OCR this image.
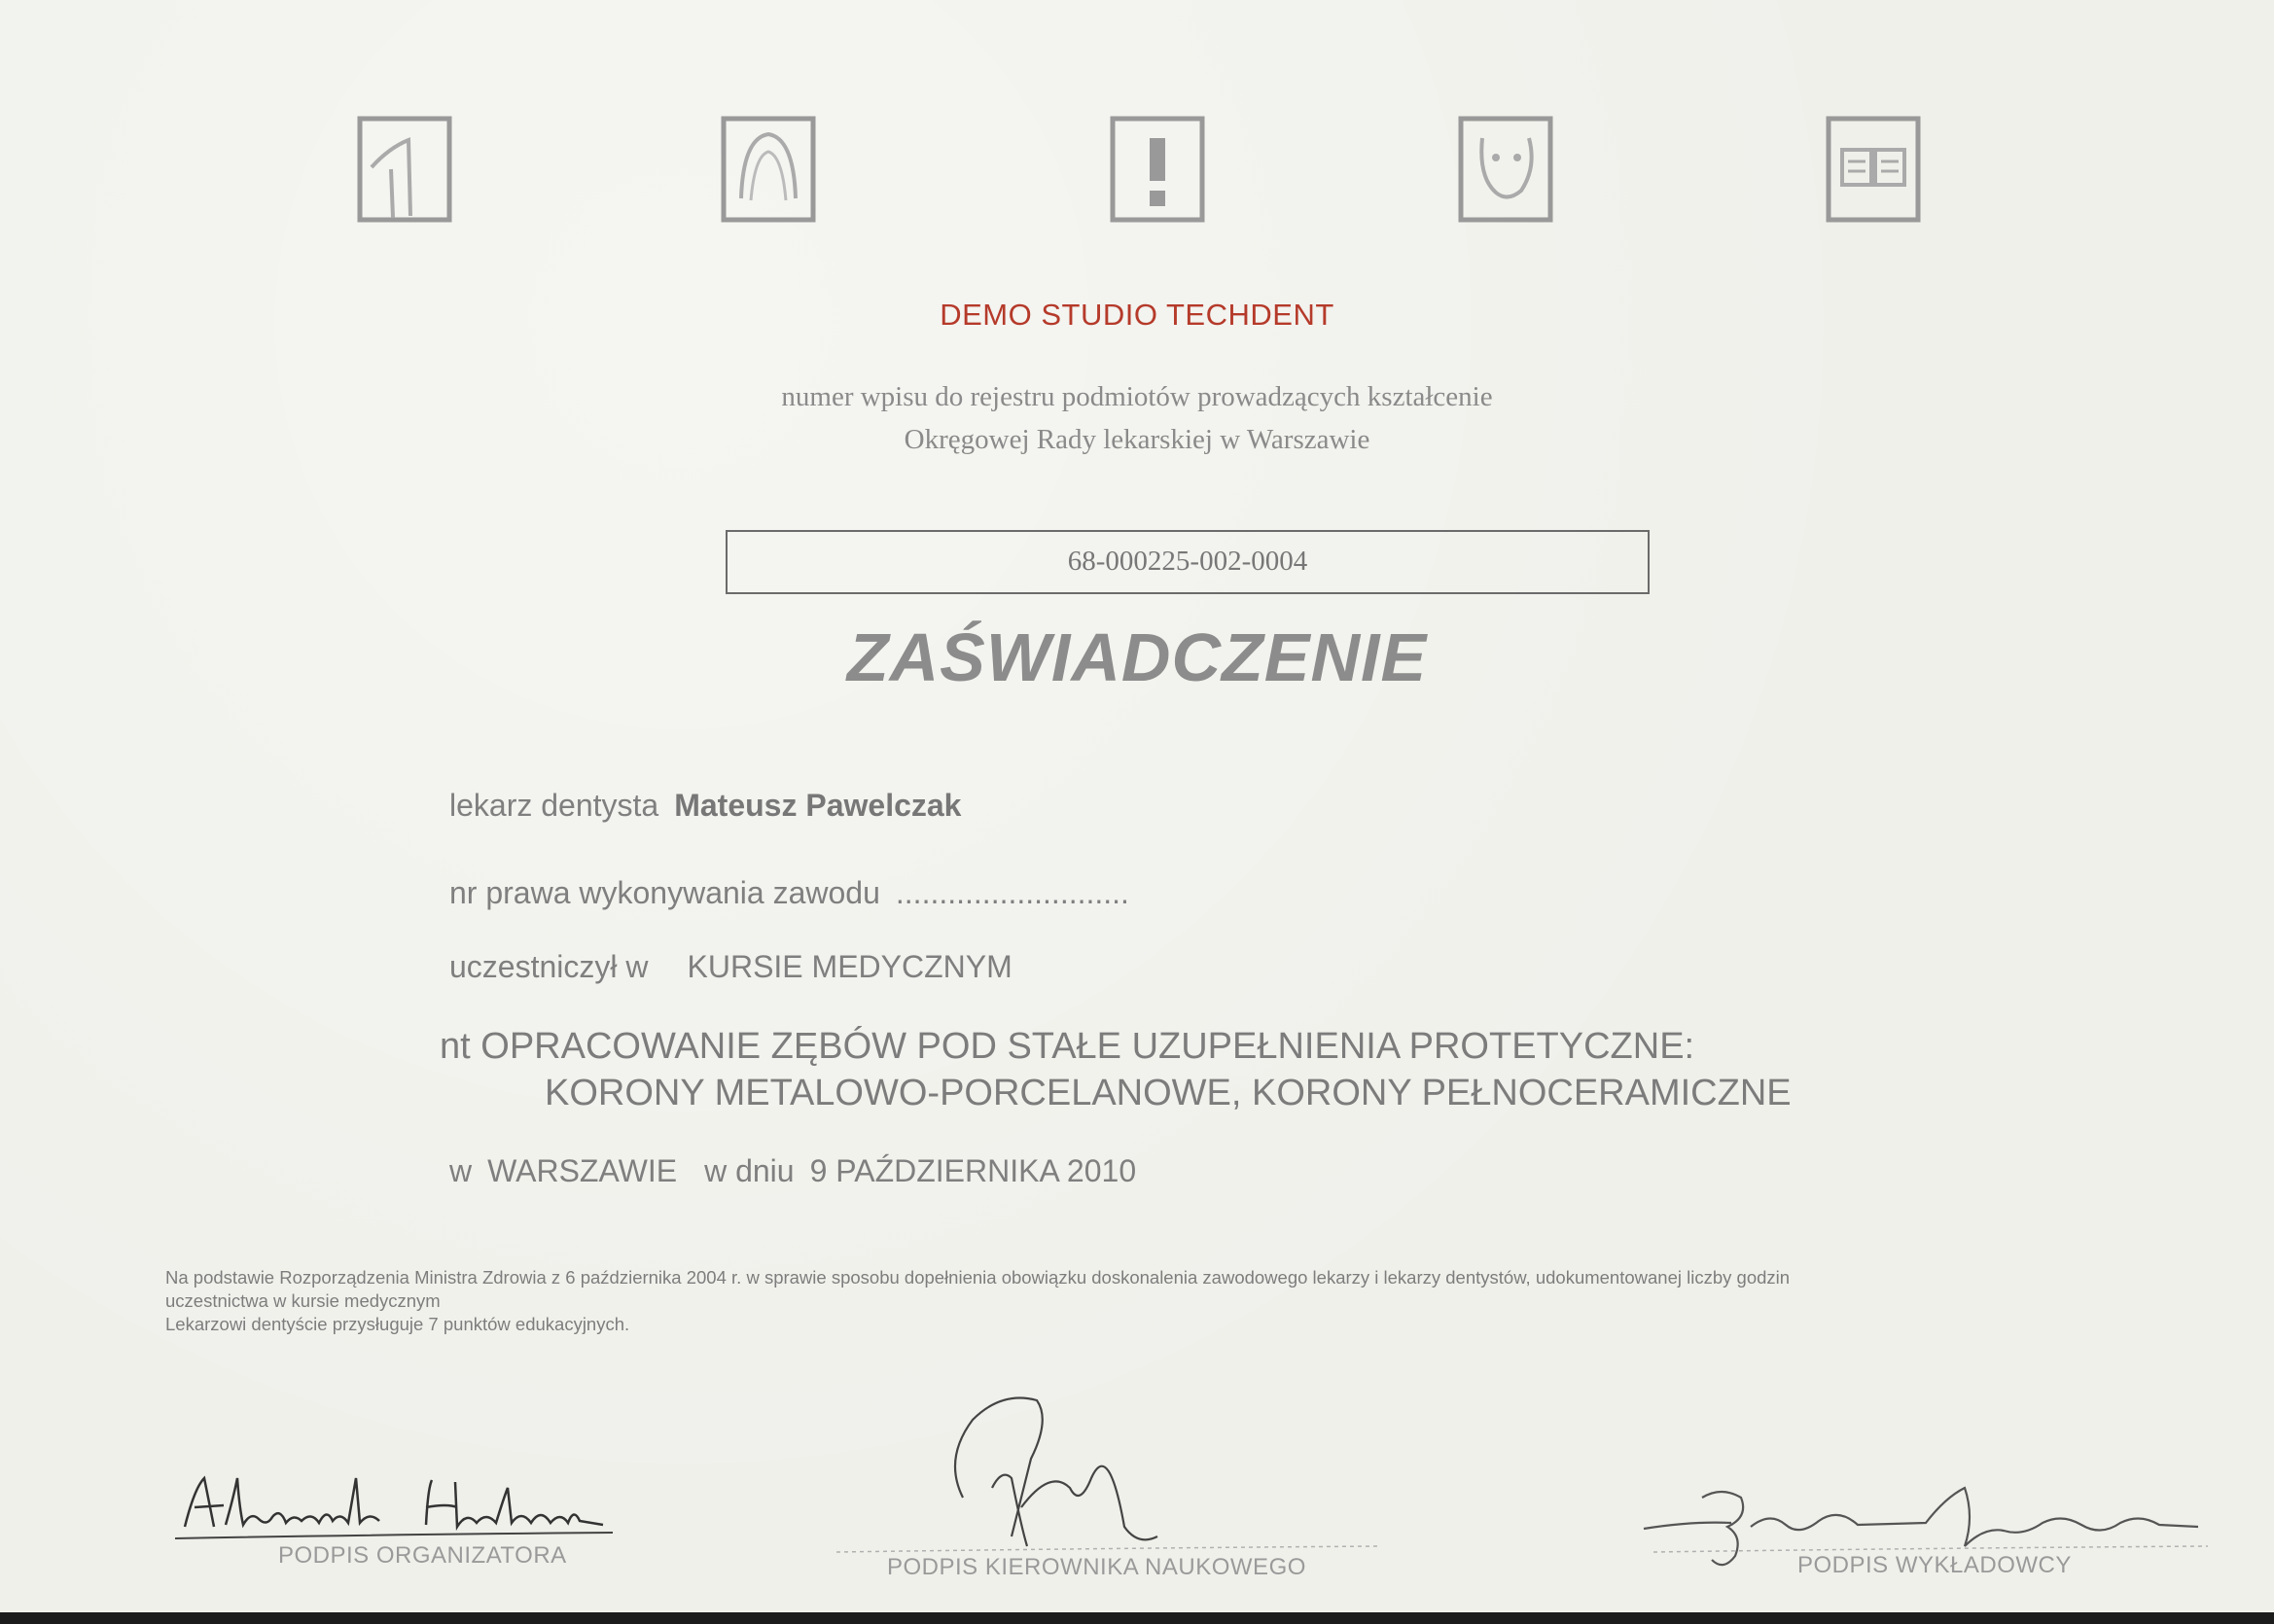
DEMO STUDIO TECHDENT
numer wpisu do rejestru podmiotów prowadzących kształcenie
Okręgowej Rady lekarskiej w Warszawie
68-000225-002-0004
ZAŚWIADCZENIE
lekarz dentysta Mateusz Pawelczak
nr prawa wykonywania zawodu ...........................
uczestniczył w KURSIE MEDYCZNYM
nt OPRACOWANIE ZĘBÓW POD STAŁE UZUPEŁNIENIA PROTETYCZNE:
KORONY METALOWO-PORCELANOWE, KORONY PEŁNOCERAMICZNE
w WARSZAWIE w dniu 9 PAŹDZIERNIKA 2010
Na podstawie Rozporządzenia Ministra Zdrowia z 6 października 2004 r. w sprawie sposobu dopełnienia obowiązku doskonalenia zawodowego lekarzy i lekarzy dentystów, udokumentowanej liczby godzin
uczestnictwa w kursie medycznym
Lekarzowi dentyście przysługuje 7 punktów edukacyjnych.
PODPIS ORGANIZATORA	PODPIS KIEROWNIKA NAUKOWEGO	PODPIS WYKŁADOWCY
